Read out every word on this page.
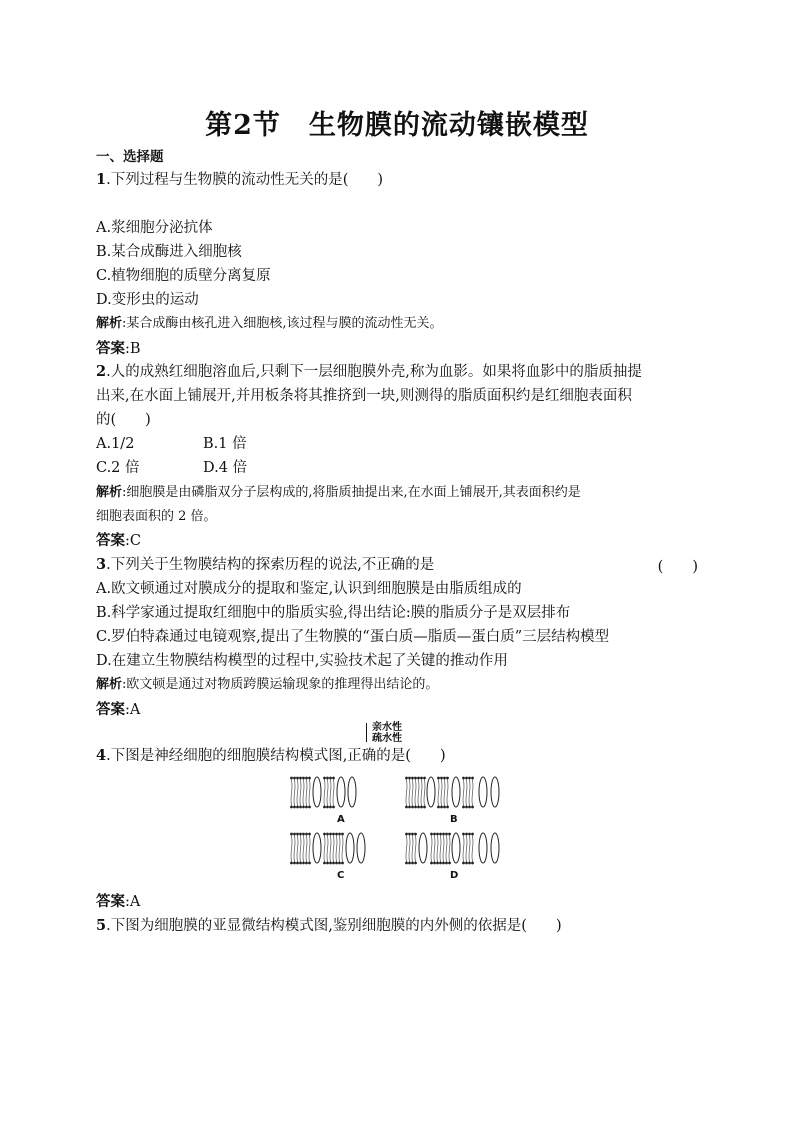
第2节　生物膜的流动镶嵌模型
一、选择题
1.下列过程与生物膜的流动性无关的是(　　)
A.浆细胞分泌抗体
B.某合成酶进入细胞核
C.植物细胞的质壁分离复原
D.变形虫的运动
解析:某合成酶由核孔进入细胞核,该过程与膜的流动性无关。
答案:B
2.人的成熟红细胞溶血后,只剩下一层细胞膜外壳,称为血影。如果将血影中的脂质抽提
出来,在水面上铺展开,并用板条将其推挤到一块,则测得的脂质面积约是红细胞表面积
的(　　)
A.1/2	B.1 倍
C.2 倍	D.4 倍
解析:细胞膜是由磷脂双分子层构成的,将脂质抽提出来,在水面上铺展开,其表面积约是
细胞表面积的 2 倍。
答案:C
3.下列关于生物膜结构的探索历程的说法,不正确的是	(　　)
A.欧文顿通过对膜成分的提取和鉴定,认识到细胞膜是由脂质组成的
B.科学家通过提取红细胞中的脂质实验,得出结论:膜的脂质分子是双层排布
C.罗伯特森通过电镜观察,提出了生物膜的“蛋白质—脂质—蛋白质”三层结构模型
D.在建立生物膜结构模型的过程中,实验技术起了关键的推动作用
解析:欧文顿是通过对物质跨膜运输现象的推理得出结论的。
答案:A
亲水性
疏水性
4.下图是神经细胞的细胞膜结构模式图,正确的是(　　)
A	B
C	D
答案:A
5.下图为细胞膜的亚显微结构模式图,鉴别细胞膜的内外侧的依据是(　　)
